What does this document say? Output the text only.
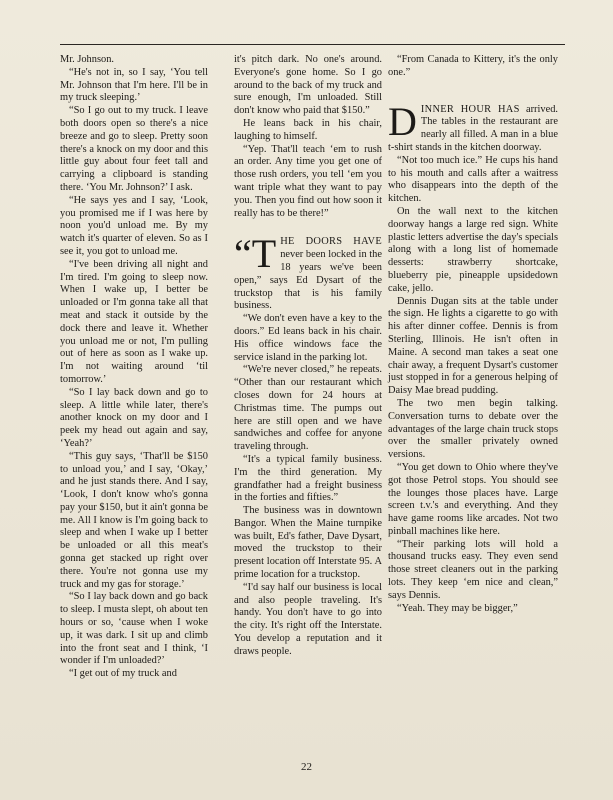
Mr. Johnson.

“He's not in, so I say, ‘You tell Mr. Johnson that I'm here. I'll be in my truck sleeping.’

“So I go out to my truck. I leave both doors open so there's a nice breeze and go to sleep. Pretty soon there's a knock on my door and this little guy about four feet tall and carrying a clipboard is standing there. ‘You Mr. Johnson?’ I ask.

“He says yes and I say, ‘Look, you promised me if I was here by noon you'd unload me. By my watch it's quarter of eleven. So as I see it, you got to unload me.

“I've been driving all night and I'm tired. I'm going to sleep now. When I wake up, I better be unloaded or I'm gonna take all that meat and stack it outside by the dock there and leave it. Whether you unload me or not, I'm pulling out of here as soon as I wake up. I'm not waiting around ‘til tomorrow.’

“So I lay back down and go to sleep. A little while later, there's another knock on my door and I peek my head out again and say, ‘Yeah?’

“This guy says, ‘That'll be $150 to unload you,’ and I say, ‘Okay,’ and he just stands there. And I say, ‘Look, I don't know who's gonna pay your $150, but it ain't gonna be me. All I know is I'm going back to sleep and when I wake up I better be unloaded or all this meat's gonna get stacked up right over there. You're not gonna use my truck and my gas for storage.’

“So I lay back down and go back to sleep. I musta slept, oh about ten hours or so, ‘cause when I woke up, it was dark. I sit up and climb into the front seat and I think, ‘I wonder if I'm unloaded?’

“I get out of my truck and

it's pitch dark. No one's around. Everyone's gone home. So I go around to the back of my truck and sure enough, I'm unloaded. Still don't know who paid that $150.”

He leans back in his chair, laughing to himself.

“Yep. That'll teach ‘em to rush an order. Any time you get one of those rush orders, you tell ‘em you want triple what they want to pay you. Then you find out how soon it really has to be there!”

“THE DOORS HAVE never been locked in the 18 years we've been open,” says Ed Dysart of the truckstop that is his family business.

“We don't even have a key to the doors.” Ed leans back in his chair. His office windows face the service island in the parking lot.

“We're never closed,” he repeats. “Other than our restaurant which closes down for 24 hours at Christmas time. The pumps out here are still open and we have sandwiches and coffee for anyone traveling through.

“It's a typical family business. I'm the third generation. My grandfather had a freight business in the forties and fifties.”

The business was in downtown Bangor. When the Maine turnpike was built, Ed's father, Dave Dysart, moved the truckstop to their present location off Interstate 95. A prime location for a truckstop.

“I'd say half our business is local and also people traveling. It's handy. You don't have to go into the city. It's right off the Interstate. You develop a reputation and it draws people.

“From Canada to Kittery, it's the only one.”

DINNER HOUR HAS arrived. The tables in the restaurant are nearly all filled. A man in a blue t-shirt stands in the kitchen doorway.

“Not too much ice.” He cups his hand to his mouth and calls after a waitress who disappears into the depth of the kitchen.

On the wall next to the kitchen doorway hangs a large red sign. White plastic letters advertise the day's specials along with a long list of homemade desserts: strawberry shortcake, blueberry pie, pineapple upsidedown cake, jello.

Dennis Dugan sits at the table under the sign. He lights a cigarette to go with his after dinner coffee. Dennis is from Sterling, Illinois. He isn't often in Maine. A second man takes a seat one chair away, a frequent Dysart's customer just stopped in for a generous helping of Daisy Mae bread pudding.

The two men begin talking. Conversation turns to debate over the advantages of the large chain truck stops over the smaller privately owned versions.

“You get down to Ohio where they've got those Petrol stops. You should see the lounges those places have. Large screen t.v.'s and everything. And they have game rooms like arcades. Not two pinball machines like here.

“Their parking lots will hold a thousand trucks easy. They even send those street cleaners out in the parking lots. They keep ‘em nice and clean,” says Dennis.

“Yeah. They may be bigger,”

22
